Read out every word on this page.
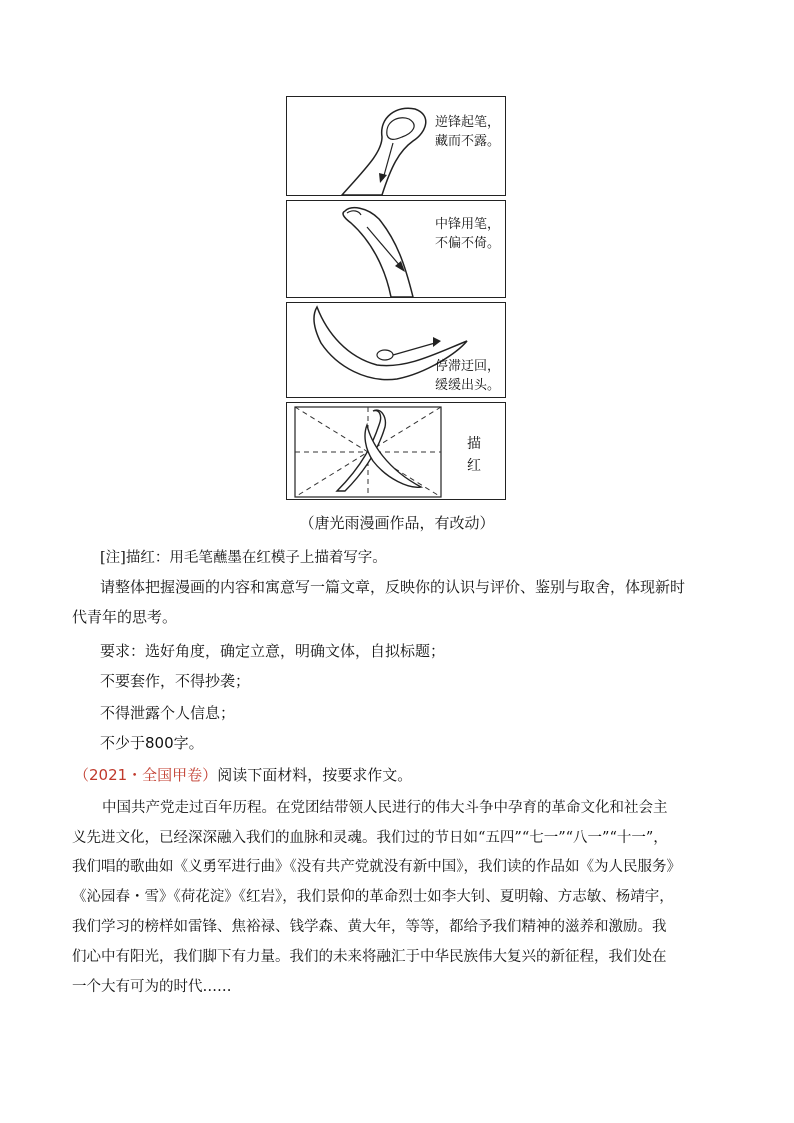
逆锋起笔，
藏而不露。
中锋用笔，
不偏不倚。
停滞迂回，
缓缓出头。
描
红
（唐光雨漫画作品，有改动）
[注]描红：用毛笔蘸墨在红模子上描着写字。
请整体把握漫画的内容和寓意写一篇文章，反映你的认识与评价、鉴别与取舍，体现新时
代青年的思考。
要求：选好角度，确定立意，明确文体，自拟标题；
不要套作，不得抄袭；
不得泄露个人信息；
不少于800字。
（2021・全国甲卷）阅读下面材料，按要求作文。
中国共产党走过百年历程。在党团结带领人民进行的伟大斗争中孕育的革命文化和社会主
义先进文化，已经深深融入我们的血脉和灵魂。我们过的节日如“五四”“七一”“八一”“十一”，
我们唱的歌曲如《义勇军进行曲》《没有共产党就没有新中国》，我们读的作品如《为人民服务》
《沁园春・雪》《荷花淀》《红岩》，我们景仰的革命烈士如李大钊、夏明翰、方志敏、杨靖宇，
我们学习的榜样如雷锋、焦裕禄、钱学森、黄大年，等等，都给予我们精神的滋养和激励。我
们心中有阳光，我们脚下有力量。我们的未来将融汇于中华民族伟大复兴的新征程，我们处在
一个大有可为的时代……
